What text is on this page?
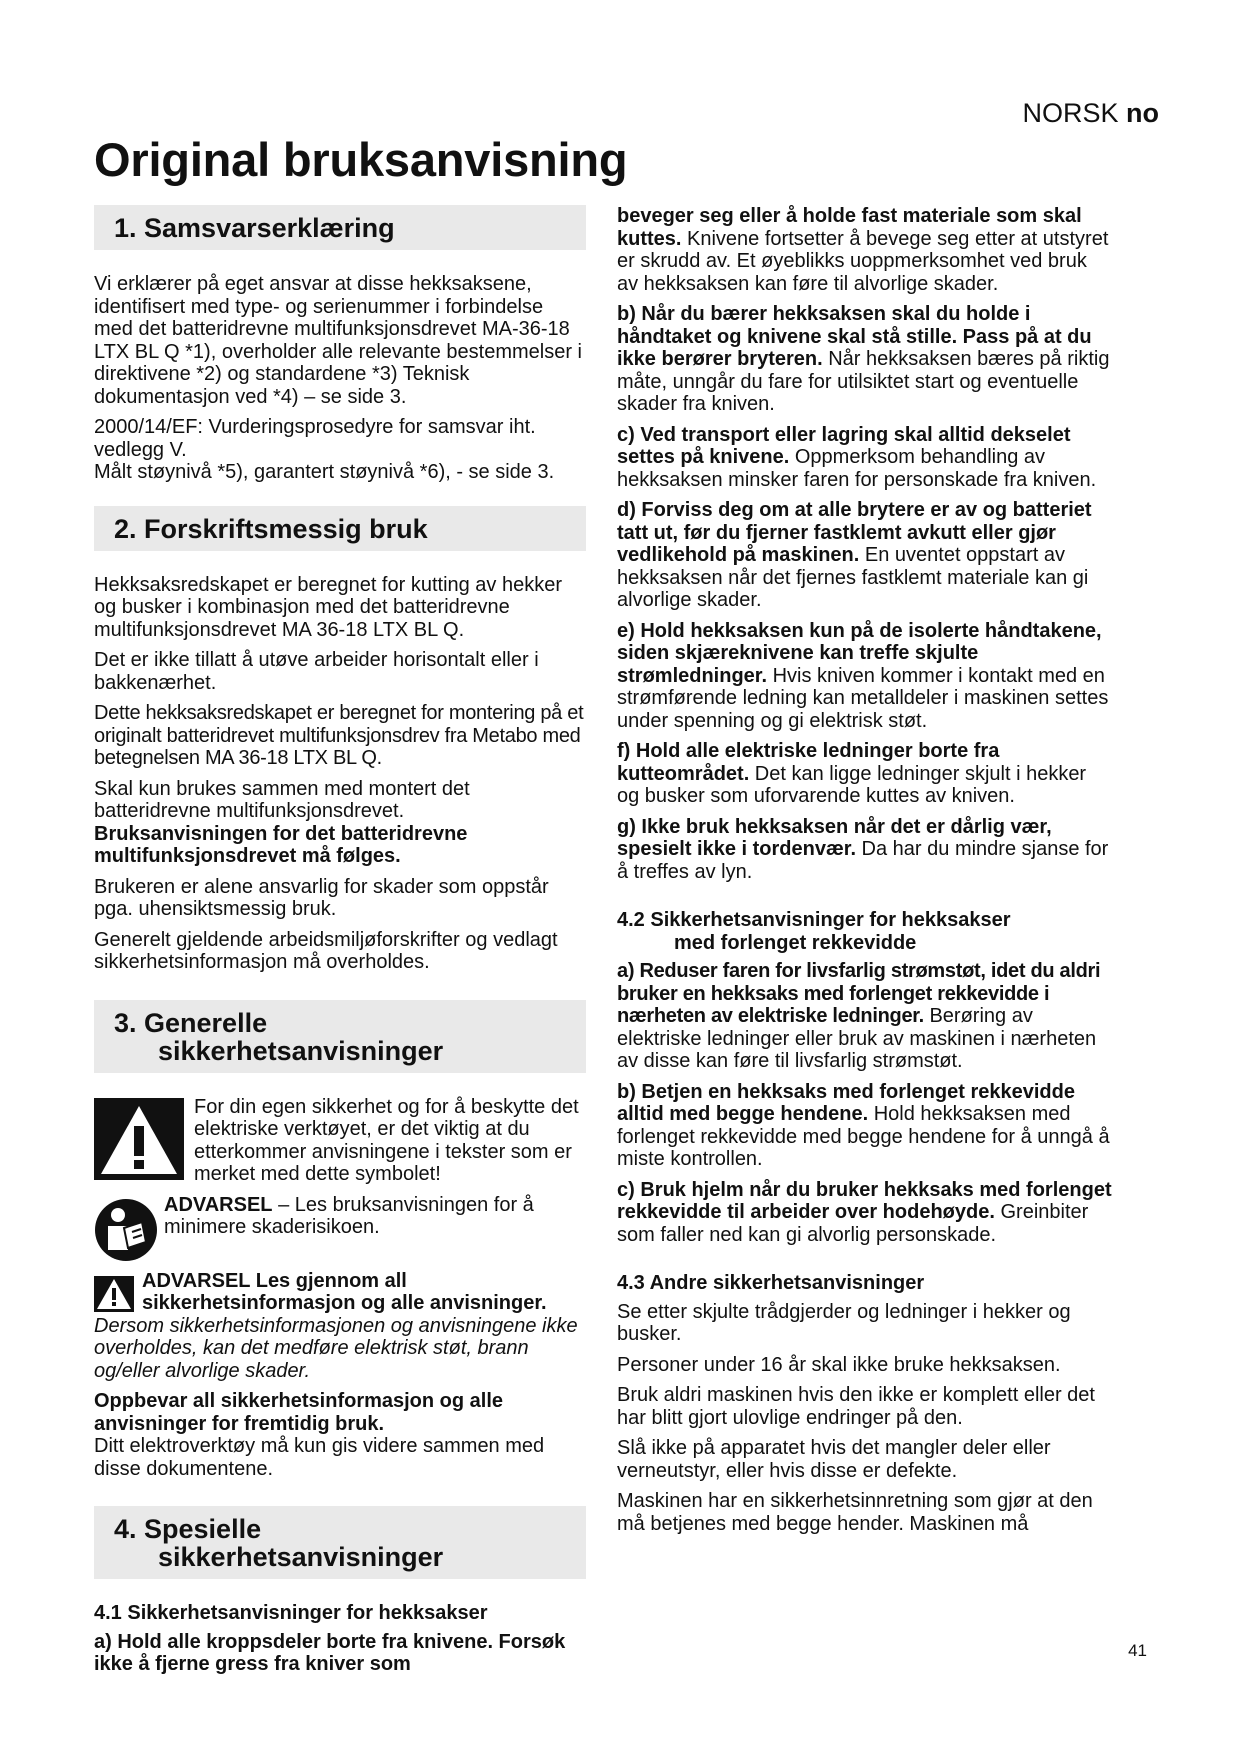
NORSK no
Original bruksanvisning
1. Samsvarserklæring

Vi erklærer på eget ansvar at disse hekksaksene, identifisert med type- og serienummer i forbindelse med det batteridrevne multifunksjonsdrevet MA-36-18 LTX BL Q *1), overholder alle relevante bestemmelser i direktivene *2) og standardene *3) Teknisk dokumentasjon ved *4) – se side 3.

2000/14/EF: Vurderingsprosedyre for samsvar iht. vedlegg V.
Målt støynivå *5), garantert støynivå *6), - se side 3.

2. Forskriftsmessig bruk

Hekksaksredskapet er beregnet for kutting av hekker og busker i kombinasjon med det batteridrevne multifunksjonsdrevet MA 36-18 LTX BL Q.

Det er ikke tillatt å utøve arbeider horisontalt eller i bakkenærhet.

Dette hekksaksredskapet er beregnet for montering på et originalt batteridrevet multifunksjonsdrev fra Metabo med betegnelsen MA 36-18 LTX BL Q.

Skal kun brukes sammen med montert det batteridrevne multifunksjonsdrevet.
Bruksanvisningen for det batteridrevne multifunksjonsdrevet må følges.

Brukeren er alene ansvarlig for skader som oppstår pga. uhensiktsmessig bruk.

Generelt gjeldende arbeidsmiljøforskrifter og vedlagt sikkerhetsinformasjon må overholdes.

3. Generelle
sikkerhetsanvisninger

For din egen sikkerhet og for å beskytte det elektriske verktøyet, er det viktig at du etterkommer anvisningene i tekster som er merket med dette symbolet!

ADVARSEL – Les bruksanvisningen for å minimere skaderisikoen.

ADVARSEL Les gjennom all sikkerhetsinformasjon og alle anvisninger. Dersom sikkerhetsinformasjonen og anvisningene ikke overholdes, kan det medføre elektrisk støt, brann og/eller alvorlige skader.

Oppbevar all sikkerhetsinformasjon og alle anvisninger for fremtidig bruk.
Ditt elektroverktøy må kun gis videre sammen med disse dokumentene.

4. Spesielle
sikkerhetsanvisninger
4.1 Sikkerhetsanvisninger for hekksakser

a) Hold alle kroppsdeler borte fra knivene. Forsøk ikke å fjerne gress fra kniver som

beveger seg eller å holde fast materiale som skal kuttes. Knivene fortsetter å bevege seg etter at utstyret er skrudd av. Et øyeblikks uoppmerksomhet ved bruk av hekksaksen kan føre til alvorlige skader.

b) Når du bærer hekksaksen skal du holde i håndtaket og knivene skal stå stille. Pass på at du ikke berører bryteren. Når hekksaksen bæres på riktig måte, unngår du fare for utilsiktet start og eventuelle skader fra kniven.

c) Ved transport eller lagring skal alltid dekselet settes på knivene. Oppmerksom behandling av hekksaksen minsker faren for personskade fra kniven.

d) Forviss deg om at alle brytere er av og batteriet tatt ut, før du fjerner fastklemt avkutt eller gjør vedlikehold på maskinen. En uventet oppstart av hekksaksen når det fjernes fastklemt materiale kan gi alvorlige skader.

e) Hold hekksaksen kun på de isolerte håndtakene, siden skjæreknivene kan treffe skjulte strømledninger. Hvis kniven kommer i kontakt med en strømførende ledning kan metalldeler i maskinen settes under spenning og gi elektrisk støt.

f) Hold alle elektriske ledninger borte fra kutteområdet. Det kan ligge ledninger skjult i hekker og busker som uforvarende kuttes av kniven.

g) Ikke bruk hekksaksen når det er dårlig vær, spesielt ikke i tordenvær. Da har du mindre sjanse for å treffes av lyn.

4.2 Sikkerhetsanvisninger for hekksakser
med forlenget rekkevidde

a) Reduser faren for livsfarlig strømstøt, idet du aldri bruker en hekksaks med forlenget rekkevidde i nærheten av elektriske ledninger. Berøring av elektriske ledninger eller bruk av maskinen i nærheten av disse kan føre til livsfarlig strømstøt.

b) Betjen en hekksaks med forlenget rekkevidde alltid med begge hendene. Hold hekksaksen med forlenget rekkevidde med begge hendene for å unngå å miste kontrollen.

c) Bruk hjelm når du bruker hekksaks med forlenget rekkevidde til arbeider over hodehøyde. Greinbiter som faller ned kan gi alvorlig personskade.

4.3 Andre sikkerhetsanvisninger

Se etter skjulte trådgjerder og ledninger i hekker og busker.

Personer under 16 år skal ikke bruke hekksaksen.

Bruk aldri maskinen hvis den ikke er komplett eller det har blitt gjort ulovlige endringer på den.

Slå ikke på apparatet hvis det mangler deler eller verneutstyr, eller hvis disse er defekte.

Maskinen har en sikkerhetsinnretning som gjør at den må betjenes med begge hender. Maskinen må

41
